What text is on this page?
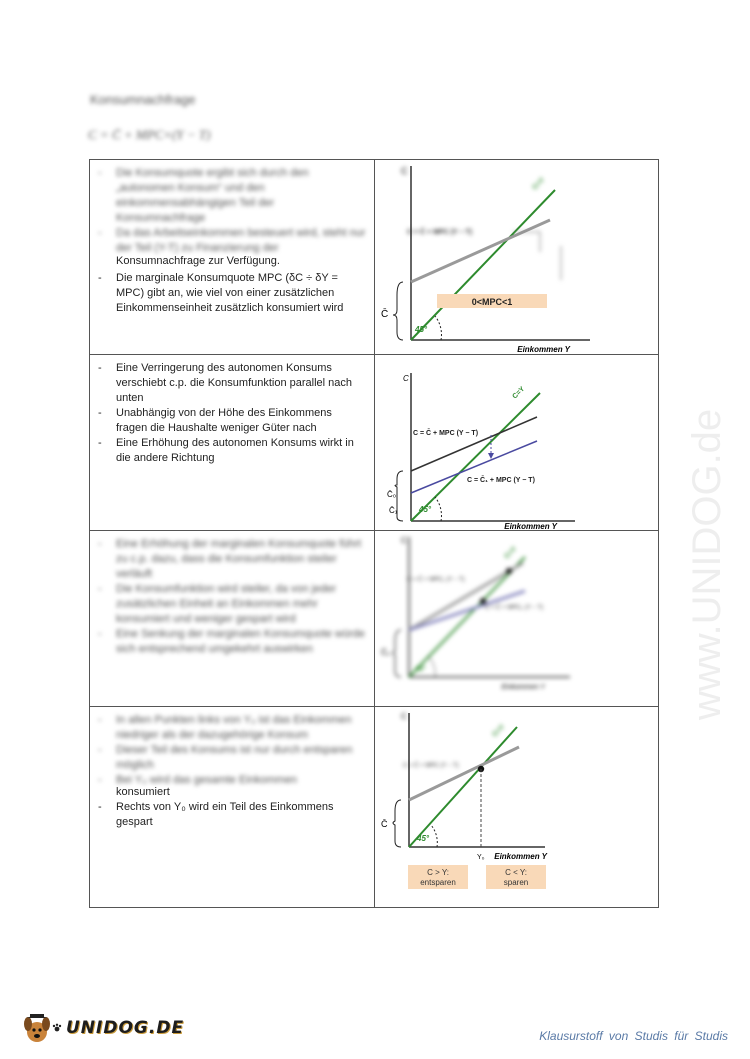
Konsumnachfrage
C = C̄ + MPC×(Y − T)
- Die Konsumquote ergibt sich durch den „autonomen Konsum“ und den einkommensabhängigen Teil der Konsumnachfrage
- Da das Arbeitseinkommen besteuert wird, steht nur der Teil (Y-T) zu Finanzierung der
Konsumnachfrage zur Verfügung.
- Die marginale Konsumquote MPC (δC ÷ δY = MPC) gibt an, wie viel von einer zusätzlichen Einkommenseinheit zusätzlich konsumiert wird
C
C = C̄ + MPC (Y − T)
C=Y
C̄
45°
0<MPC<1
Einkommen Y
- Eine Verringerung des autonomen Konsums verschiebt c.p. die Konsumfunktion parallel nach unten
- Unabhängig von der Höhe des Einkommens fragen die Haushalte weniger Güter nach
- Eine Erhöhung des autonomen Konsums wirkt in die andere Richtung
C
C=Y
C = C̄ + MPC (Y − T)
C = C̄₁ + MPC (Y − T)
C̄₀
C̄₁	45°
Einkommen Y
- Eine Erhöhung der marginalen Konsumquote führt zu c.p. dazu, dass die Konsumfunktion steiler verläuft
- Die Konsumfunktion wird steiler, da von jeder zusätzlichen Einheit an Einkommen mehr konsumiert und weniger gespart wird
- Eine Senkung der marginalen Konsumquote würde sich entsprechend umgekehrt auswirken
C
C=Y
C = C̄ + MPC₁ (Y − T)
C = C̄ + MPC₀ (Y − T)
C̄₀
45°
Einkommen Y
- In allen Punkten links von Y₀ ist das Einkommen niedriger als der dazugehörige Konsum
- Dieser Teil des Konsums ist nur durch entsparen möglich
- Bei Y₀ wird das gesamte Einkommen
konsumiert
- Rechts von Y₀ wird ein Teil des Einkommens gespart
C
C = C̄ + MPC (Y − T)
C=Y
C̄
45°
Y₀ Einkommen Y
C > Y:
entsparen
C < Y:
sparen
www.UNIDOG.de
UNIDOG.DE	Klausurstoff von Studis für Studis
